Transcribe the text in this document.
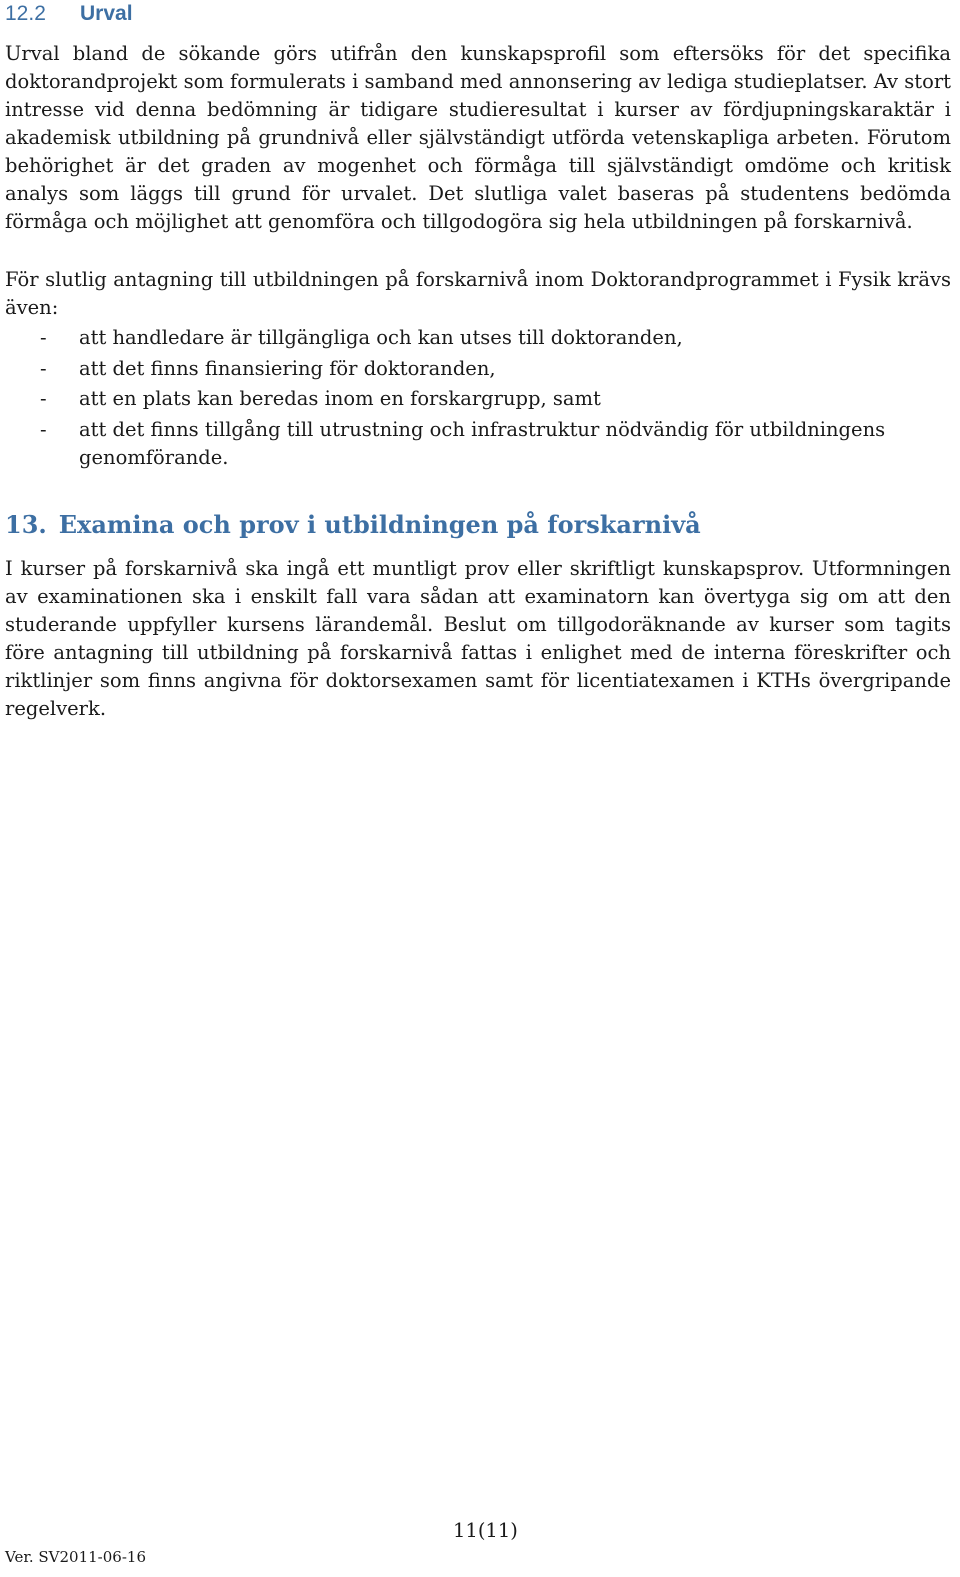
12.2 Urval

Urval bland de sökande görs utifrån den kunskapsprofil som eftersöks för det specifika doktorandprojekt som formulerats i samband med annonsering av lediga studieplatser. Av stort intresse vid denna bedömning är tidigare studieresultat i kurser av fördjupningskaraktär i akademisk utbildning på grundnivå eller självständigt utförda vetenskapliga arbeten. Förutom behörighet är det graden av mogenhet och förmåga till självständigt omdöme och kritisk analys som läggs till grund för urvalet. Det slutliga valet baseras på studentens bedömda förmåga och möjlighet att genomföra och tillgodogöra sig hela utbildningen på forskarnivå.

För slutlig antagning till utbildningen på forskarnivå inom Doktorandprogrammet i Fysik krävs även:

- att handledare är tillgängliga och kan utses till doktoranden,
- att det finns finansiering för doktoranden,
- att en plats kan beredas inom en forskargrupp, samt
- att det finns tillgång till utrustning och infrastruktur nödvändig för utbildningens genomförande.
13. Examina och prov i utbildningen på forskarnivå

I kurser på forskarnivå ska ingå ett muntligt prov eller skriftligt kunskapsprov. Utformningen av examinationen ska i enskilt fall vara sådan att examinatorn kan övertyga sig om att den studerande uppfyller kursens lärandemål. Beslut om tillgodoräknande av kurser som tagits före antagning till utbildning på forskarnivå fattas i enlighet med de interna föreskrifter och riktlinjer som finns angivna för doktorsexamen samt för licentiatexamen i KTHs övergripande regelverk.

11(11)
Ver. SV2011-06-16
